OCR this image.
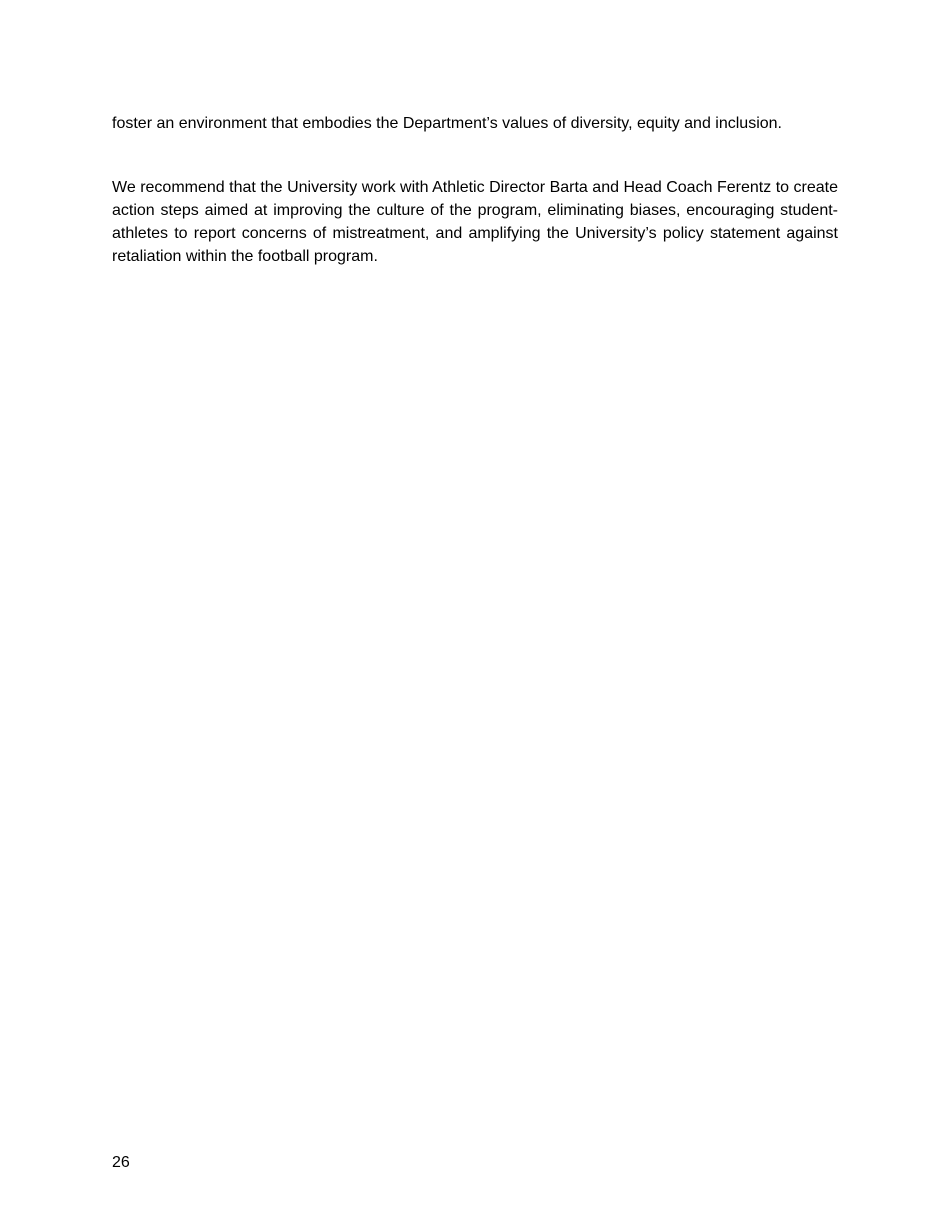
foster an environment that embodies the Department’s values of diversity, equity and inclusion.

We recommend that the University work with Athletic Director Barta and Head Coach Ferentz to create action steps aimed at improving the culture of the program, eliminating biases, encouraging student-athletes to report concerns of mistreatment, and amplifying the University’s policy statement against retaliation within the football program.

26
